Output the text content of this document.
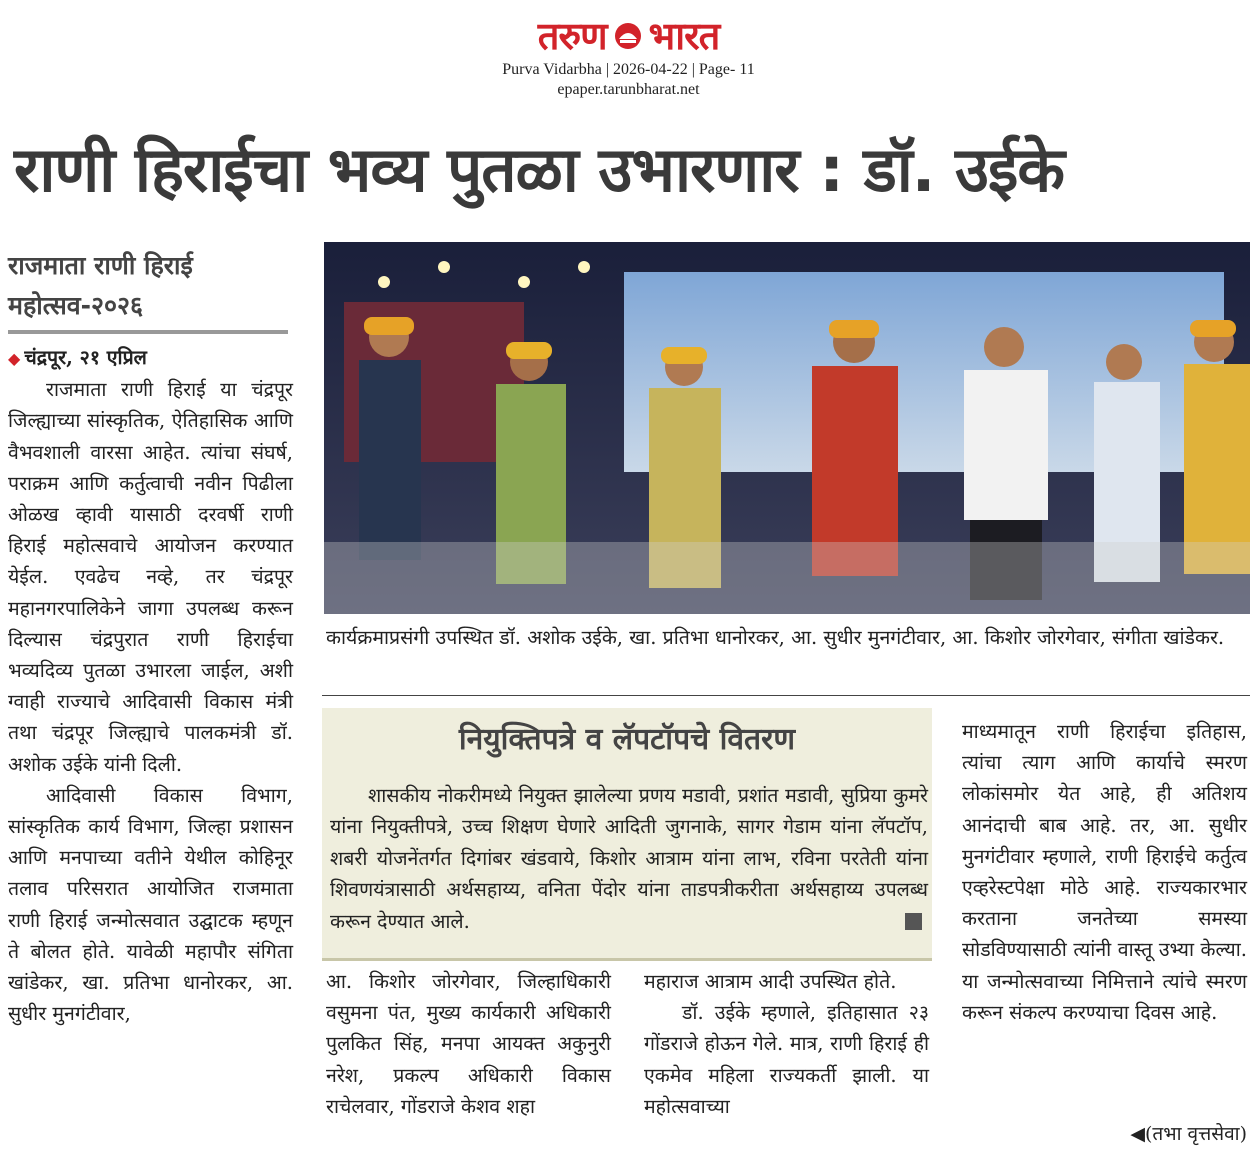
तरुण भारत
Purva Vidarbha | 2026-04-22 | Page- 11
epaper.tarunbharat.net
राणी हिराईचा भव्य पुतळा उभारणार : डॉ. उईके
राजमाता राणी हिराई
महोत्सव-२०२६

◆ चंद्रपूर, २१ एप्रिल

राजमाता राणी हिराई या चंद्रपूर जिल्ह्याच्या सांस्कृतिक, ऐतिहासिक आणि वैभवशाली वारसा आहेत. त्यांचा संघर्ष, पराक्रम आणि कर्तुत्वाची नवीन पिढीला ओळख व्हावी यासाठी दरवर्षी राणी हिराई महोत्सवाचे आयोजन करण्यात येईल. एवढेच नव्हे, तर चंद्रपूर महानगरपालिकेने जागा उपलब्ध करून दिल्यास चंद्रपुरात राणी हिराईचा भव्यदिव्य पुतळा उभारला जाईल, अशी ग्वाही राज्याचे आदिवासी विकास मंत्री तथा चंद्रपूर जिल्ह्याचे पालकमंत्री डॉ. अशोक उईके यांनी दिली.

आदिवासी विकास विभाग, सांस्कृतिक कार्य विभाग, जिल्हा प्रशासन आणि मनपाच्या वतीने येथील कोहिनूर तलाव परिसरात आयोजित राजमाता राणी हिराई जन्मोत्सवात उद्घाटक म्हणून ते बोलत होते. यावेळी महापौर संगिता खांडेकर, खा. प्रतिभा धानोरकर, आ. सुधीर मुनगंटीवार,

कार्यक्रमाप्रसंगी उपस्थित डॉ. अशोक उईके, खा. प्रतिभा धानोरकर, आ. सुधीर मुनगंटीवार, आ. किशोर जोरगेवार, संगीता खांडेकर.
नियुक्तिपत्रे व लॅपटॉपचे वितरण
शासकीय नोकरीमध्ये नियुक्त झालेल्या प्रणय मडावी, प्रशांत मडावी, सुप्रिया कुमरे यांना नियुक्तीपत्रे, उच्च शिक्षण घेणारे आदिती जुगनाके, सागर गेडाम यांना लॅपटॉप, शबरी योजनेंतर्गत दिगांबर खंडवाये, किशोर आत्राम यांना लाभ, रविना परतेती यांना शिवणयंत्रासाठी अर्थसहाय्य, वनिता पेंदोर यांना ताडपत्रीकरीता अर्थसहाय्य उपलब्ध करून देण्यात आले.

आ. किशोर जोरगेवार, जिल्हाधिकारी वसुमना पंत, मुख्य कार्यकारी अधिकारी पुलकित सिंह, मनपा आयक्त अकुनुरी नरेश, प्रकल्प अधिकारी विकास राचेलवार, गोंडराजे केशव शहा

महाराज आत्राम आदी उपस्थित होते.

डॉ. उईके म्हणाले, इतिहासात २३ गोंडराजे होऊन गेले. मात्र, राणी हिराई ही एकमेव महिला राज्यकर्ती झाली. या महोत्सवाच्या

माध्यमातून राणी हिराईचा इतिहास, त्यांचा त्याग आणि कार्याचे स्मरण लोकांसमोर येत आहे, ही अतिशय आनंदाची बाब आहे. तर, आ. सुधीर मुनगंटीवार म्हणाले, राणी हिराईचे कर्तुत्व एव्हरेस्टपेक्षा मोठे आहे. राज्यकारभार करताना जनतेच्या समस्या सोडविण्यासाठी त्यांनी वास्तू उभ्या केल्या. या जन्मोत्सवाच्या निमित्ताने त्यांचे स्मरण करून संकल्प करण्याचा दिवस आहे.

◀(तभा वृत्तसेवा)
